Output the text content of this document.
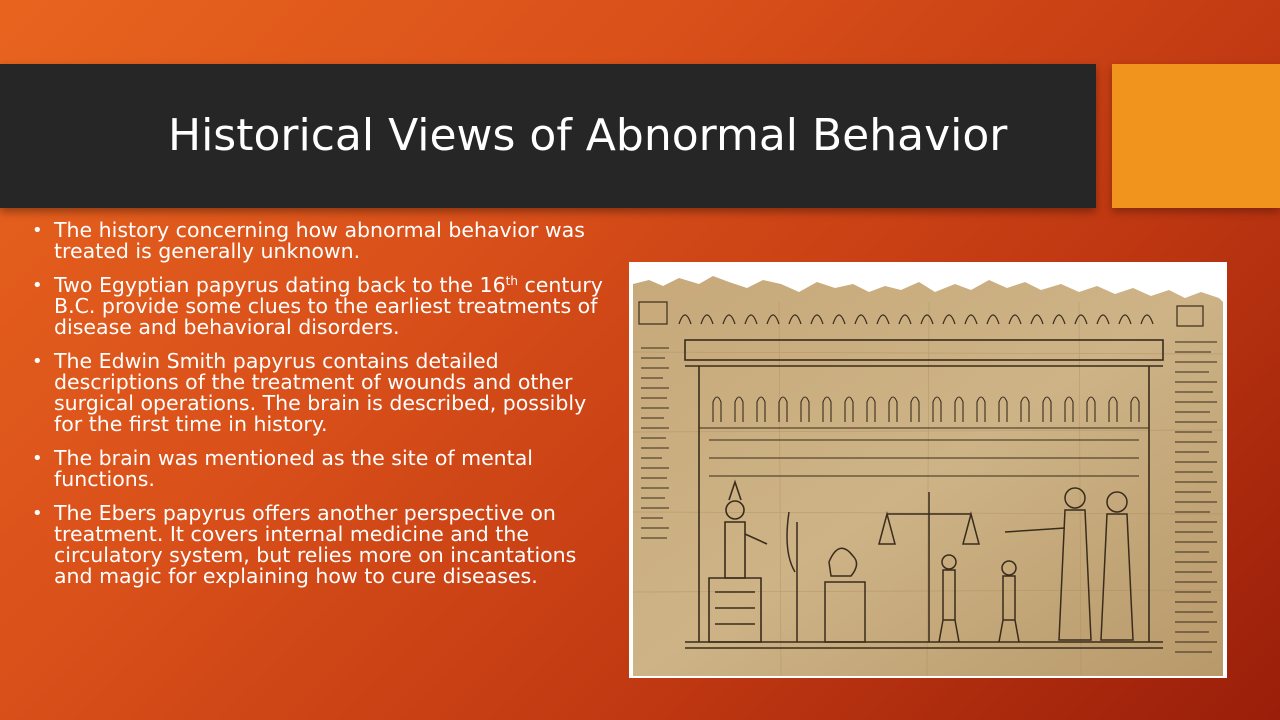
Historical Views of Abnormal Behavior
• The history concerning how abnormal behavior was treated is generally unknown.
• Two Egyptian papyrus dating back to the 16th century B.C. provide some clues to the earliest treatments of disease and behavioral disorders.
• The Edwin Smith papyrus contains detailed descriptions of the treatment of wounds and other surgical operations. The brain is described, possibly for the first time in history.
• The brain was mentioned as the site of mental functions.
• The Ebers papyrus offers another perspective on treatment. It covers internal medicine and the circulatory system, but relies more on incantations and magic for explaining how to cure diseases.
